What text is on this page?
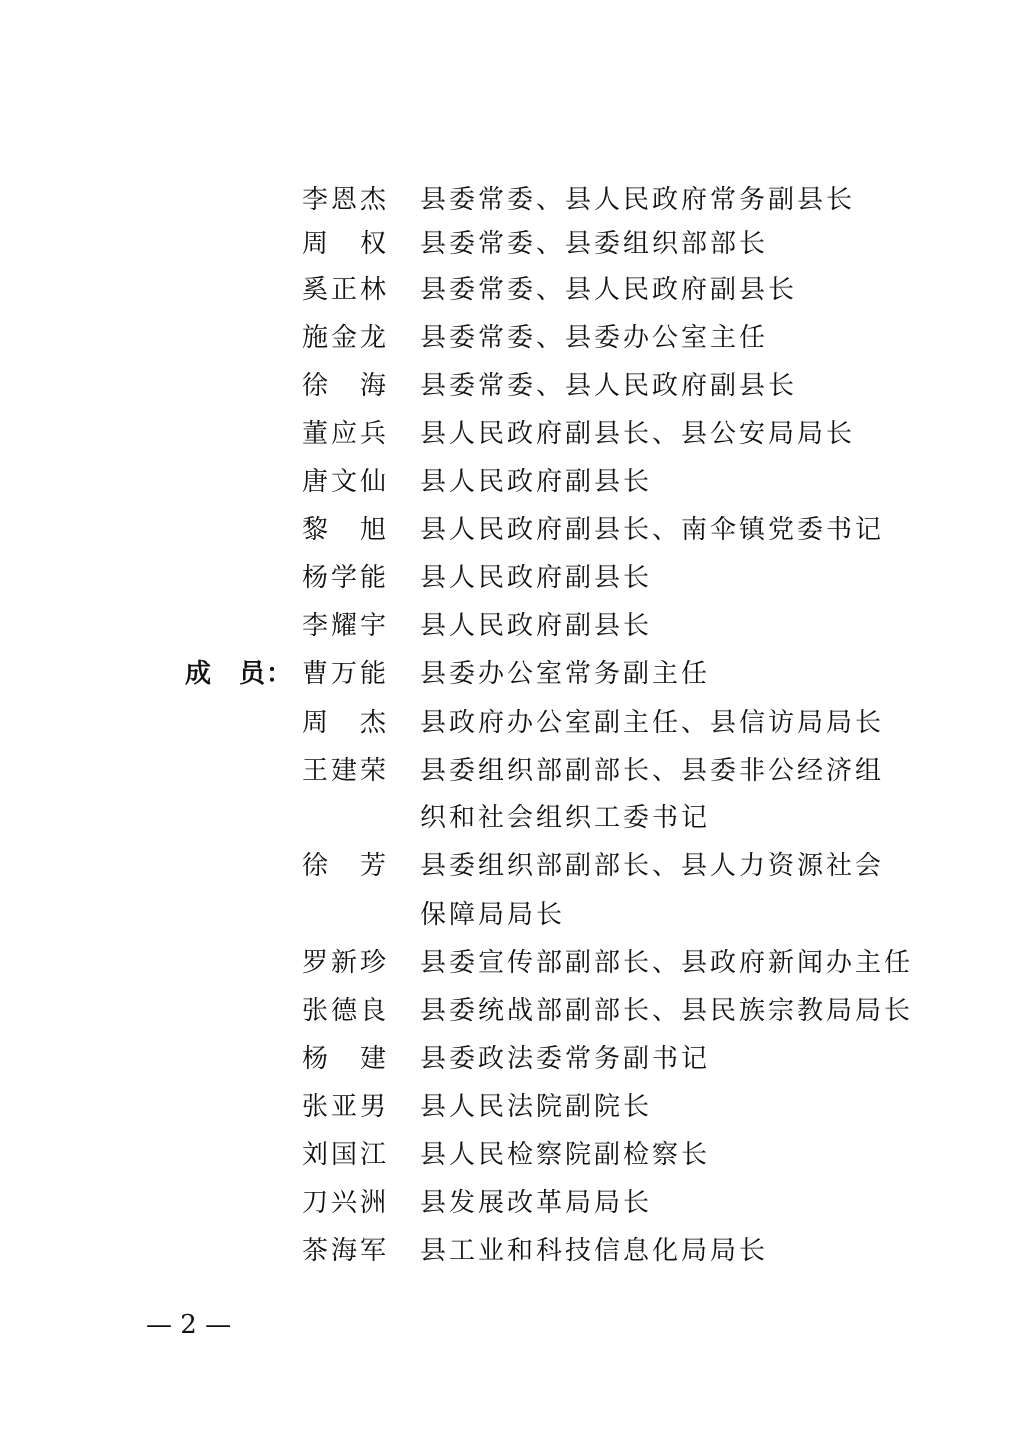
李恩杰 县委常委、县人民政府常务副县长
周　权 县委常委、县委组织部部长
奚正林 县委常委、县人民政府副县长
施金龙 县委常委、县委办公室主任
徐　海 县委常委、县人民政府副县长
董应兵 县人民政府副县长、县公安局局长
唐文仙 县人民政府副县长
黎　旭 县人民政府副县长、南伞镇党委书记
杨学能 县人民政府副县长
李耀宇 县人民政府副县长
成　员： 曹万能 县委办公室常务副主任
周　杰 县政府办公室副主任、县信访局局长
王建荣 县委组织部副部长、县委非公经济组
织和社会组织工委书记
徐　芳 县委组织部副部长、县人力资源社会
保障局局长
罗新珍 县委宣传部副部长、县政府新闻办主任
张德良 县委统战部副部长、县民族宗教局局长
杨　建 县委政法委常务副书记
张亚男 县人民法院副院长
刘国江 县人民检察院副检察长
刀兴洲 县发展改革局局长
茶海军 县工业和科技信息化局局长
— 2 —
